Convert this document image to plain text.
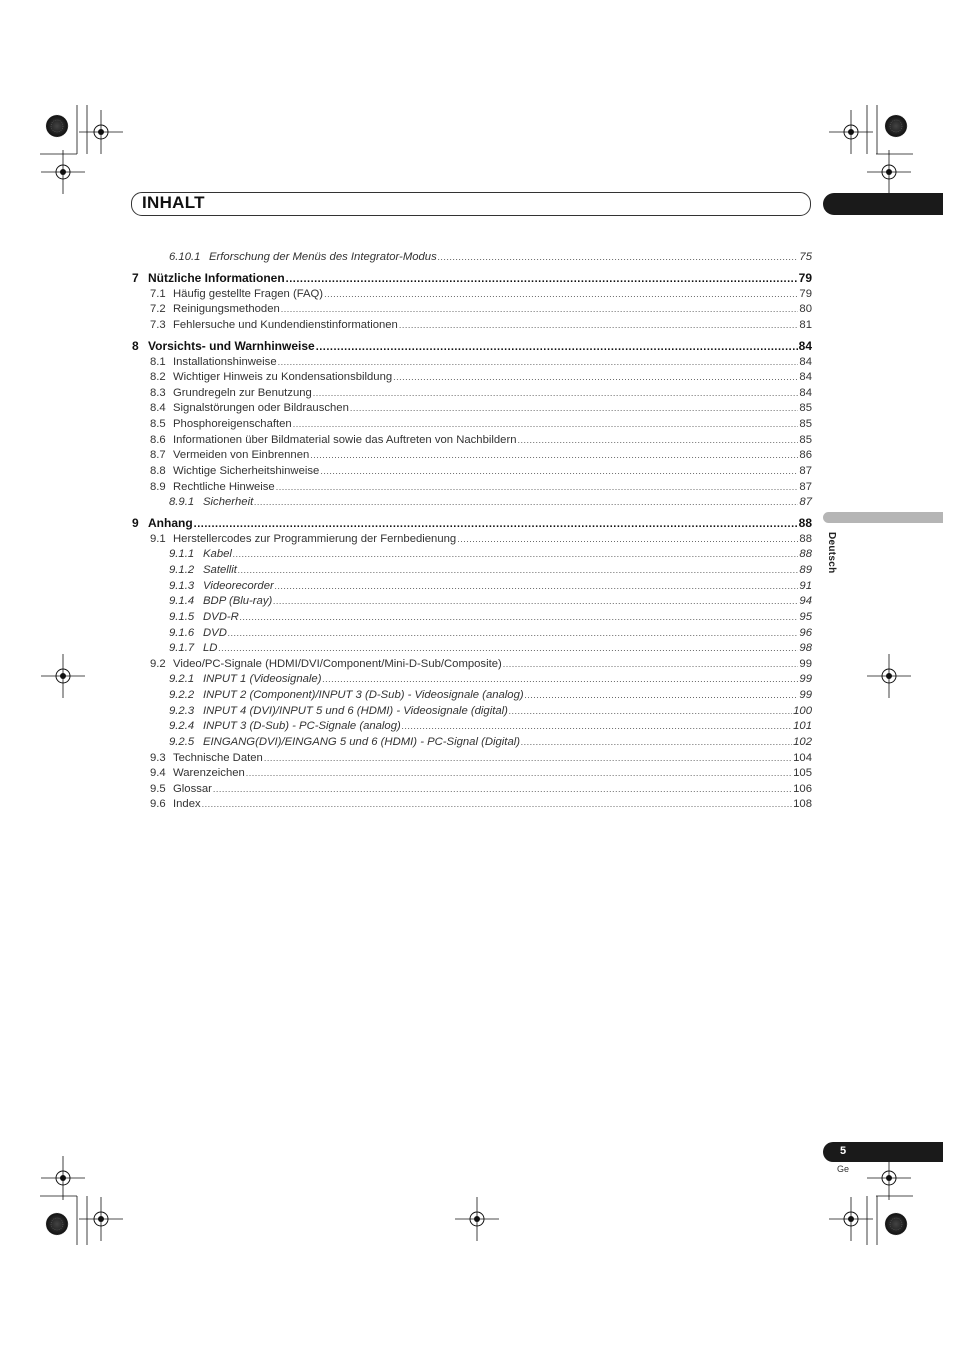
INHALT
Deutsch
6.10.1 Erforschung der Menüs des Integrator-Modus .....	75
7 Nützliche Informationen .....	79
7.1 Häufig gestellte Fragen (FAQ) .....	79
7.2 Reinigungsmethoden .....	80
7.3 Fehlersuche und Kundendienstinformationen .....	81
8 Vorsichts- und Warnhinweise .....	84
8.1 Installationshinweise .....	84
8.2 Wichtiger Hinweis zu Kondensationsbildung .....	84
8.3 Grundregeln zur Benutzung .....	84
8.4 Signalstörungen oder Bildrauschen .....	85
8.5 Phosphoreigenschaften .....	85
8.6 Informationen über Bildmaterial sowie das Auftreten von Nachbildern .....	85
8.7 Vermeiden von Einbrennen .....	86
8.8 Wichtige Sicherheitshinweise .....	87
8.9 Rechtliche Hinweise .....	87
8.9.1 Sicherheit .....	87
9 Anhang .....	88
9.1 Herstellercodes zur Programmierung der Fernbedienung .....	88
9.1.1 Kabel .....	88
9.1.2 Satellit .....	89
9.1.3 Videorecorder .....	91
9.1.4 BDP (Blu-ray) .....	94
9.1.5 DVD-R .....	95
9.1.6 DVD .....	96
9.1.7 LD .....	98
9.2 Video/PC-Signale (HDMI/DVI/Component/Mini-D-Sub/Composite) .....	99
9.2.1 INPUT 1 (Videosignale) .....	99
9.2.2 INPUT 2 (Component)/INPUT 3 (D-Sub) - Videosignale (analog) .....	99
9.2.3 INPUT 4 (DVI)/INPUT 5 und 6 (HDMI) - Videosignale (digital) .....	100
9.2.4 INPUT 3 (D-Sub) - PC-Signale (analog) .....	101
9.2.5 EINGANG(DVI)/EINGANG 5 und 6 (HDMI) - PC-Signal (Digital) .....	102
9.3 Technische Daten .....	104
9.4 Warenzeichen .....	105
9.5 Glossar .....	106
9.6 Index .....	108
5
Ge
